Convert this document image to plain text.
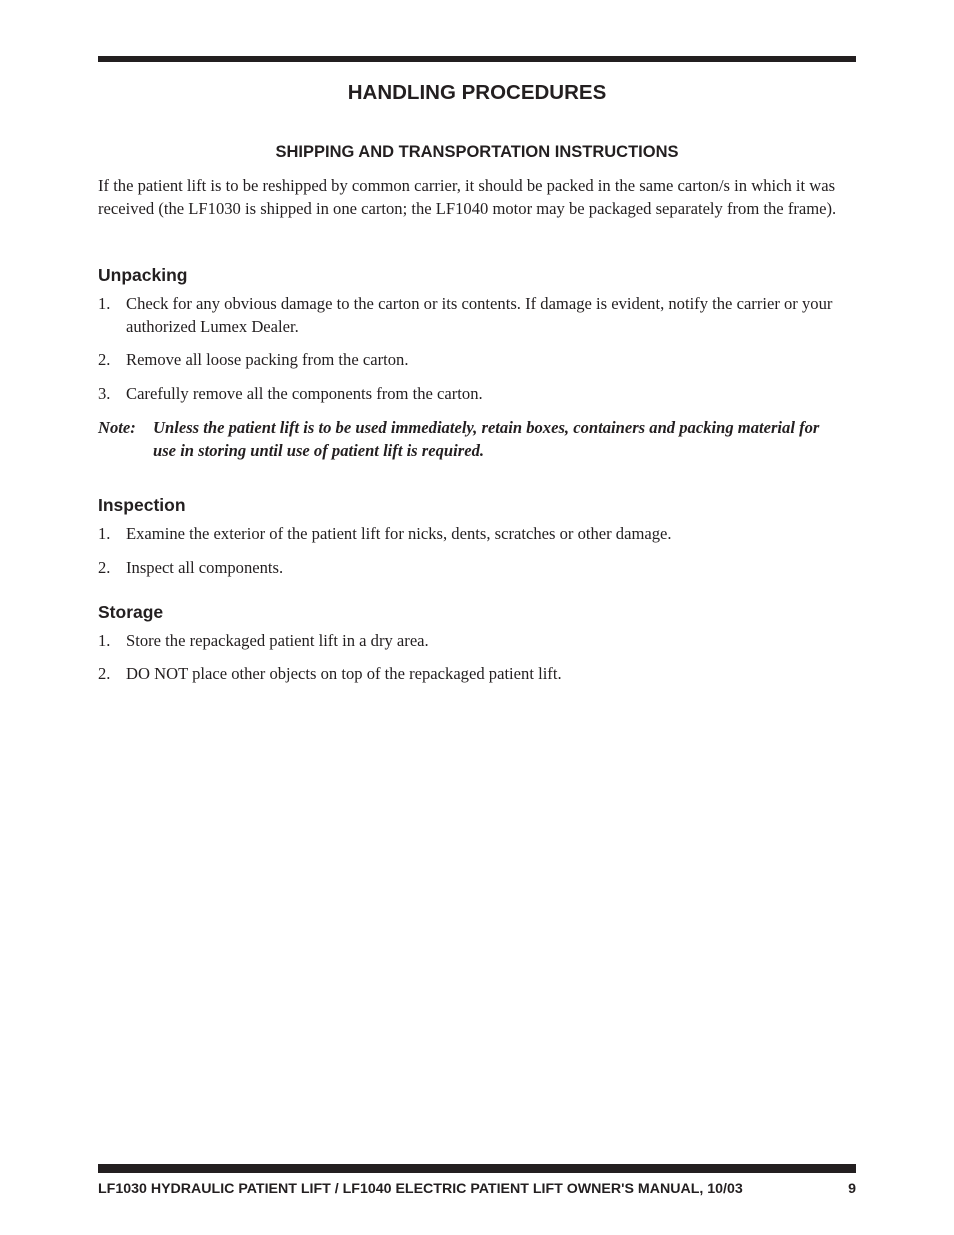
HANDLING PROCEDURES
SHIPPING AND TRANSPORTATION INSTRUCTIONS
If the patient lift is to be reshipped by common carrier, it should be packed in the same carton/s in which it was received (the LF1030 is shipped in one carton; the LF1040 motor may be packaged separately from the frame).
Unpacking
1. Check for any obvious damage to the carton or its contents. If damage is evident, notify the carrier or your authorized Lumex Dealer.
2. Remove all loose packing from the carton.
3. Carefully remove all the components from the carton.
Note: Unless the patient lift is to be used immediately, retain boxes, containers and packing material for use in storing until use of patient lift is required.
Inspection
1. Examine the exterior of the patient lift for nicks, dents, scratches or other damage.
2. Inspect all components.
Storage
1. Store the repackaged patient lift in a dry area.
2. DO NOT place other objects on top of the repackaged patient lift.
LF1030 HYDRAULIC PATIENT LIFT / LF1040 ELECTRIC PATIENT LIFT OWNER'S MANUAL, 10/03	9
